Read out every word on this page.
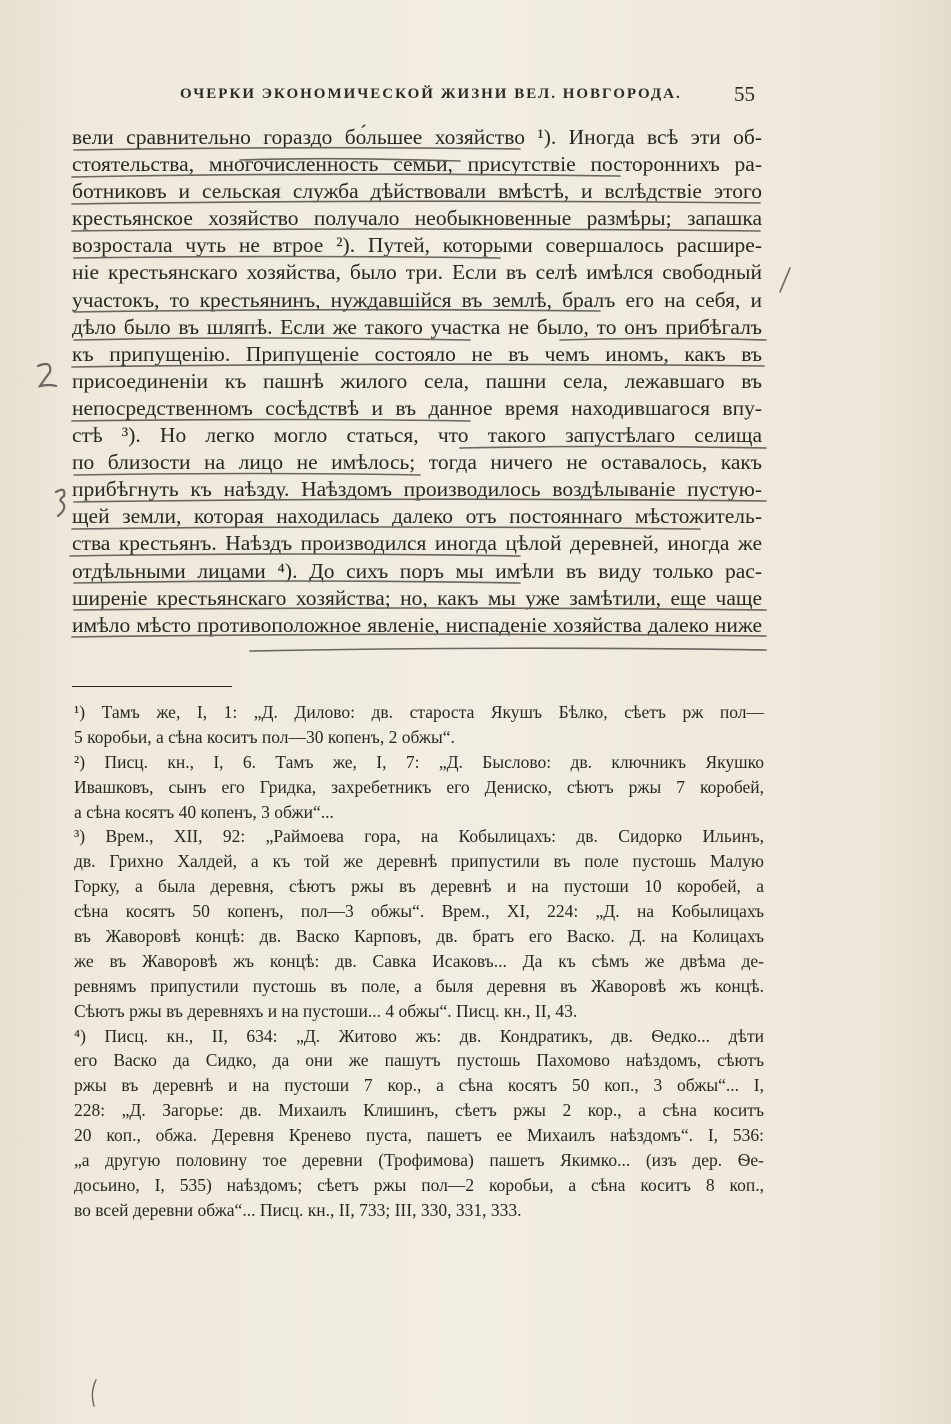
ОЧЕРКИ ЭКОНОМИЧЕСКОЙ ЖИЗНИ ВЕЛ. НОВГОРОДА.	55
вели сравнительно гораздо бо́льшее хозяйство ¹). Иногда всѣ эти об-
стоятельства, многочисленность семьи, присутствіе постороннихъ ра-
ботниковъ и сельская служба дѣйствовали вмѣстѣ, и вслѣдствіе этого
крестьянское хозяйство получало необыкновенные размѣры; запашка
возростала чуть не втрое ²). Путей, которыми совершалось расшире-
ніе крестьянскаго хозяйства, было три. Если въ селѣ имѣлся свободный
участокъ, то крестьянинъ, нуждавшійся въ землѣ, бралъ его на себя, и
дѣло было въ шляпѣ. Если же такого участка не было, то онъ прибѣгалъ
къ припущенію. Припущеніе состояло не въ чемъ иномъ, какъ въ
присоединеніи къ пашнѣ жилого села, пашни села, лежавшаго въ
непосредственномъ сосѣдствѣ и въ данное время находившагося впу-
стѣ ³). Но легко могло статься, что такого запустѣлаго селища
по близости на лицо не имѣлось; тогда ничего не оставалось, какъ
прибѣгнуть къ наѣзду. Наѣздомъ производилось воздѣлываніе пустую-
щей земли, которая находилась далеко отъ постояннаго мѣстожитель-
ства крестьянъ. Наѣздъ производился иногда цѣлой деревней, иногда же
отдѣльными лицами ⁴). До сихъ поръ мы имѣли въ виду только рас-
ширеніе крестьянскаго хозяйства; но, какъ мы уже замѣтили, еще чаще
имѣло мѣсто противоположное явленіе, ниспаденіе хозяйства далеко ниже
¹) Тамъ же, I, 1: „Д. Дилово: дв. староста Якушъ Бѣлко, сѣетъ рж пол—
5 коробьи, а сѣна коситъ пол—30 копенъ, 2 обжы“.
²) Писц. кн., I, 6. Тамъ же, I, 7: „Д. Быслово: дв. ключникъ Якушко
Ивашковъ, сынъ его Гридка, захребетникъ его Дениско, сѣютъ ржы 7 коробей,
а сѣна косятъ 40 копенъ, 3 обжи“...
³) Врем., XII, 92: „Раймоева гора, на Кобылицахъ: дв. Сидорко Ильинъ,
дв. Грихно Халдей, а къ той же деревнѣ припустили въ поле пустошь Малую
Горку, а была деревня, сѣютъ ржы въ деревнѣ и на пустоши 10 коробей, а
сѣна косятъ 50 копенъ, пол—3 обжы“. Врем., XI, 224: „Д. на Кобылицахъ
въ Жаворовѣ концѣ: дв. Васко Карповъ, дв. братъ его Васко. Д. на Колицахъ
же въ Жаворовѣ жъ концѣ: дв. Савка Исаковъ... Да къ сѣмъ же двѣма де-
ревнямъ припустили пустошь въ поле, а быля деревня въ Жаворовѣ жъ концѣ.
Сѣютъ ржы въ деревняхъ и на пустоши... 4 обжы“. Писц. кн., II, 43.
⁴) Писц. кн., II, 634: „Д. Житово жъ: дв. Кондратикъ, дв. Ѳедко... дѣти
его Васко да Сидко, да они же пашутъ пустошь Пахомово наѣздомъ, сѣютъ
ржы въ деревнѣ и на пустоши 7 кор., а сѣна косятъ 50 коп., 3 обжы“... I,
228: „Д. Загорье: дв. Михаилъ Клишинъ, сѣетъ ржы 2 кор., а сѣна коситъ
20 коп., обжа. Деревня Кренево пуста, пашетъ ее Михаилъ наѣздомъ“. I, 536:
„а другую половину тое деревни (Трофимова) пашетъ Якимко... (изъ дер. Ѳе-
досьино, I, 535) наѣздомъ; сѣетъ ржы пол—2 коробьи, а сѣна коситъ 8 коп.,
во всей деревни обжа“... Писц. кн., II, 733; III, 330, 331, 333.
